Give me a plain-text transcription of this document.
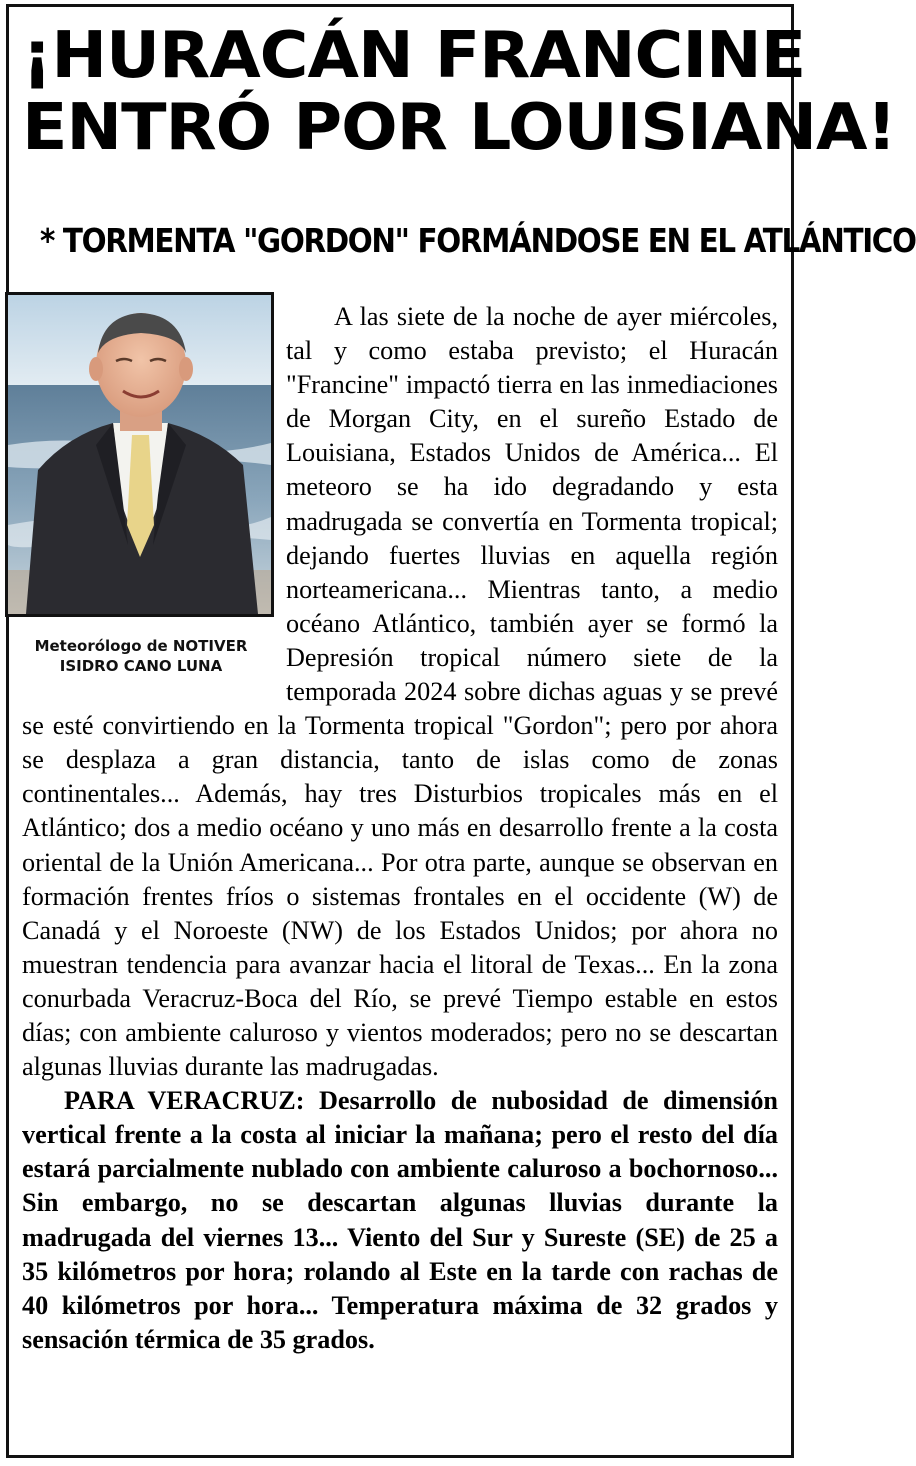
¡HURACÁN FRANCINE
ENTRÓ POR LOUISIANA!
* TORMENTA "GORDON" FORMÁNDOSE EN EL ATLÁNTICO
Meteorólogo de NOTIVER
ISIDRO CANO LUNA

A las siete de la noche de ayer miércoles, tal y como estaba previsto; el Huracán "Francine" impactó tierra en las inmediaciones de Morgan City, en el sureño Estado de Louisiana, Estados Unidos de América... El meteoro se ha ido degradando y esta madrugada se convertía en Tormenta tropical; dejando fuertes lluvias en aquella región norteamericana... Mientras tanto, a medio océano Atlántico, también ayer se formó la Depresión tropical número siete de la temporada 2024 sobre dichas aguas y se prevé se esté convirtiendo en la Tormenta tropical "Gordon"; pero por ahora se desplaza a gran distancia, tanto de islas como de zonas continentales... Además, hay tres Disturbios tropicales más en el Atlántico; dos a medio océano y uno más en desarrollo frente a la costa oriental de la Unión Americana... Por otra parte, aunque se observan en formación frentes fríos o sistemas frontales en el occidente (W) de Canadá y el Noroeste (NW) de los Estados Unidos; por ahora no muestran tendencia para avanzar hacia el litoral de Texas... En la zona conurbada Veracruz-Boca del Río, se prevé Tiempo estable en estos días; con ambiente caluroso y vientos moderados; pero no se descartan algunas lluvias durante las madrugadas.

PARA VERACRUZ: Desarrollo de nubosidad de dimensión vertical frente a la costa al iniciar la mañana; pero el resto del día estará parcialmente nublado con ambiente caluroso a bochornoso... Sin embargo, no se descartan algunas lluvias durante la madrugada del viernes 13... Viento del Sur y Sureste (SE) de 25 a 35 kilómetros por hora; rolando al Este en la tarde con rachas de 40 kilómetros por hora... Temperatura máxima de 32 grados y sensación térmica de 35 grados.
